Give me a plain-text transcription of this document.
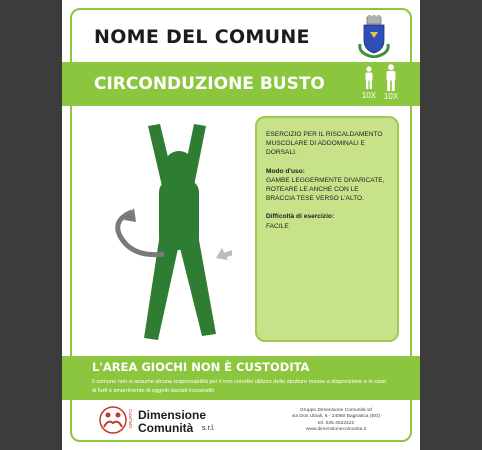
NOME DEL COMUNE
CIRCONDUZIONE BUSTO
10X 10X

ESERCIZIO PER IL RISCALDAMENTO MUSCOLARE DI ADDOMINALI E DORSALI.

Modo d'uso:
GAMBE LEGGERMENTE DIVARICATE, ROTEARE LE ANCHE CON LE BRACCIA TESE VERSO L'ALTO.

Difficoltà di esercizio:
FACILE

L'AREA GIOCHI NON È CUSTODITA
Il comune non si assume alcuna responsabilità per il non corretto utilizzo delle strutture messe a disposizione e in caso di furti o smarrimento di oggetti lasciati incustoditi
GRUPPO Dimensione
Comunità s.r.l.
Gruppo Dimensione Comunità srl
via Don Ubiali, 6 - 24060 Bagnatica (BG)
tel. 035 4522422
www.dimensionecomunita.it
